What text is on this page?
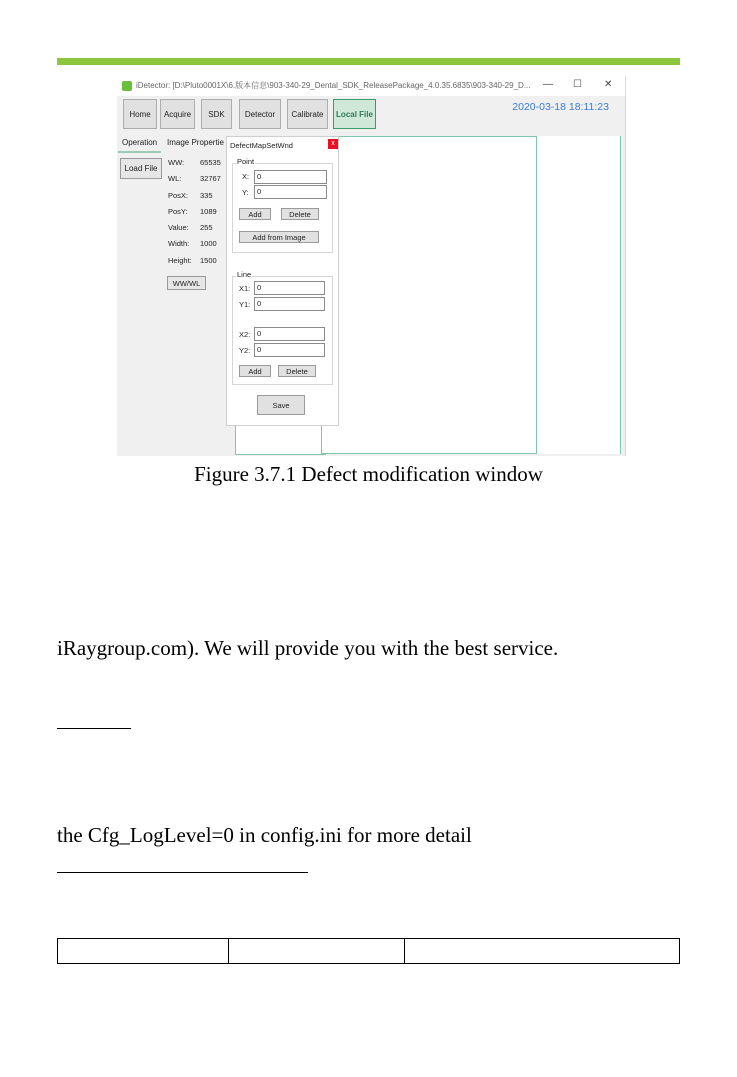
iDetector: [D:\Pluto0001X\6.版本信息\903-340-29_Dental_SDK_ReleasePackage_4.0.35.6835\903-340-29_D...	— ☐ ✕
2020-03-18 18:11:23
Home	Acquire	SDK	Detector	Calibrate	Local File
Operation	Image Propertie
Load File
WW: 65535
WL: 32767
PosX: 335
PosY: 1089
Value: 255
Width: 1000
Height: 1500
WW/WL
DefectMapSetWnd	x
Point
X:	0
Y:	0
Add	Delete
Add from Image
Line
X1: 0
Y1: 0
X2: 0
Y2: 0
Add	Delete
Save
Figure 3.7.1 Defect modification window
iRaygroup.com). We will provide you with the best service.
the Cfg_LogLevel=0 in config.ini for more detail
